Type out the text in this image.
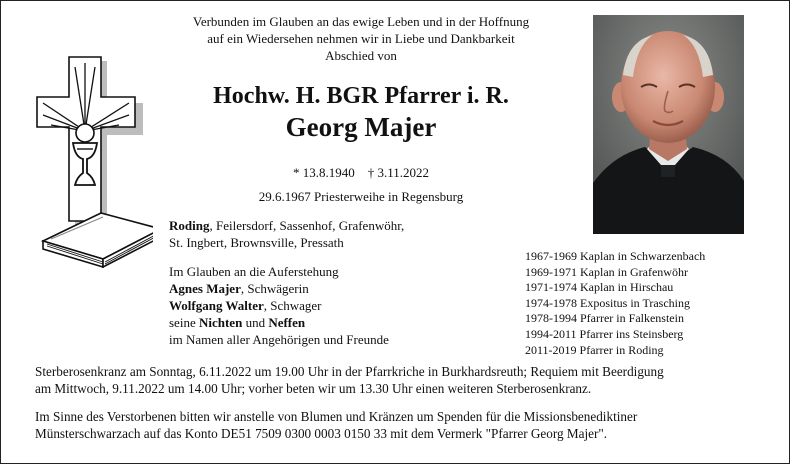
Verbunden im Glauben an das ewige Leben und in der Hoffnung
auf ein Wiedersehen nehmen wir in Liebe und Dankbarkeit
Abschied von
Hochw. H. BGR Pfarrer i. R.
Georg Majer
* 13.8.1940 † 3.11.2022
29.6.1967 Priesterweihe in Regensburg
Roding, Feilersdorf, Sassenhof, Grafenwöhr,
St. Ingbert, Brownsville, Pressath
Im Glauben an die Auferstehung
Agnes Majer, Schwägerin
Wolfgang Walter, Schwager
seine Nichten und Neffen
im Namen aller Angehörigen und Freunde
1967-1969 Kaplan in Schwarzenbach
1969-1971 Kaplan in Grafenwöhr
1971-1974 Kaplan in Hirschau
1974-1978 Expositus in Trasching
1978-1994 Pfarrer in Falkenstein
1994-2011 Pfarrer ins Steinsberg
2011-2019 Pfarrer in Roding
Sterberosenkranz am Sonntag, 6.11.2022 um 19.00 Uhr in der Pfarrkriche in Burkhardsreuth; Requiem mit Beerdigung
am Mittwoch, 9.11.2022 um 14.00 Uhr; vorher beten wir um 13.30 Uhr einen weiteren Sterberosenkranz.
Im Sinne des Verstorbenen bitten wir anstelle von Blumen und Kränzen um Spenden für die Missionsbenediktiner
Münsterschwarzach auf das Konto DE51 7509 0300 0003 0150 33 mit dem Vermerk "Pfarrer Georg Majer".
